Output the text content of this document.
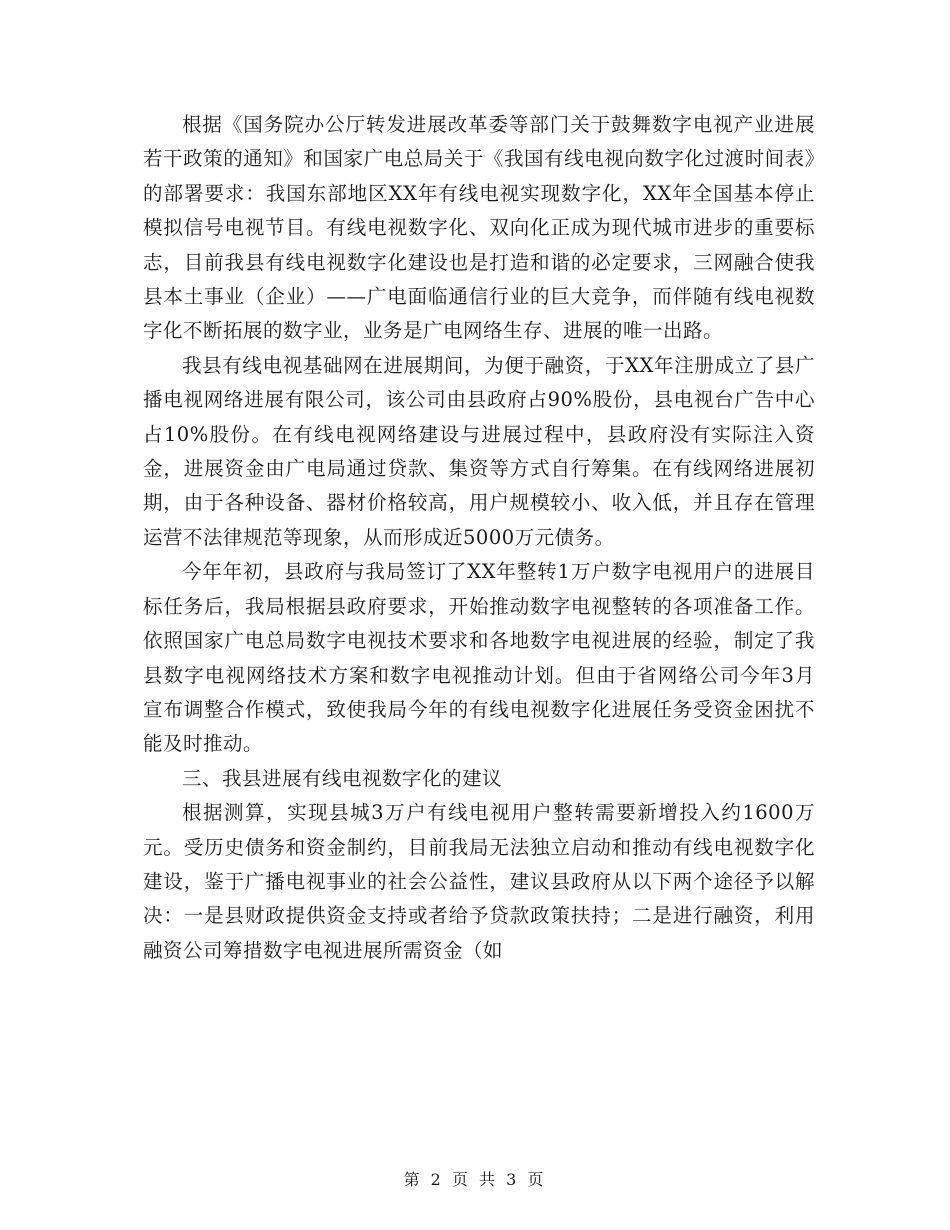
根据《国务院办公厅转发进展改革委等部门关于鼓舞数字电视产业进展若干政策的通知》和国家广电总局关于《我国有线电视向数字化过渡时间表》的部署要求：我国东部地区XX年有线电视实现数字化，XX年全国基本停止模拟信号电视节目。有线电视数字化、双向化正成为现代城市进步的重要标志，目前我县有线电视数字化建设也是打造和谐的必定要求，三网融合使我县本土事业（企业）——广电面临通信行业的巨大竞争，而伴随有线电视数字化不断拓展的数字业，业务是广电网络生存、进展的唯一出路。

我县有线电视基础网在进展期间，为便于融资，于XX年注册成立了县广播电视网络进展有限公司，该公司由县政府占90%股份，县电视台广告中心占10%股份。在有线电视网络建设与进展过程中，县政府没有实际注入资金，进展资金由广电局通过贷款、集资等方式自行筹集。在有线网络进展初期，由于各种设备、器材价格较高，用户规模较小、收入低，并且存在管理运营不法律规范等现象，从而形成近5000万元债务。

今年年初，县政府与我局签订了XX年整转1万户数字电视用户的进展目标任务后，我局根据县政府要求，开始推动数字电视整转的各项准备工作。依照国家广电总局数字电视技术要求和各地数字电视进展的经验，制定了我县数字电视网络技术方案和数字电视推动计划。但由于省网络公司今年3月宣布调整合作模式，致使我局今年的有线电视数字化进展任务受资金困扰不能及时推动。

三、我县进展有线电视数字化的建议

根据测算，实现县城3万户有线电视用户整转需要新增投入约1600万元。受历史债务和资金制约，目前我局无法独立启动和推动有线电视数字化建设，鉴于广播电视事业的社会公益性，建议县政府从以下两个途径予以解决：一是县财政提供资金支持或者给予贷款政策扶持；二是进行融资，利用融资公司筹措数字电视进展所需资金（如

第 2 页 共 3 页
